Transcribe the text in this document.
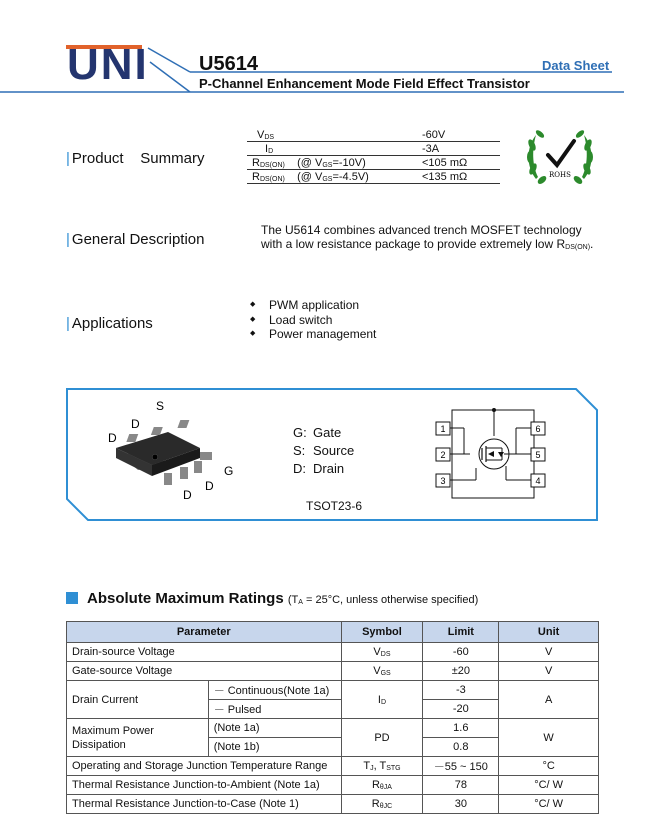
UNI	U5614
P-Channel Enhancement Mode Field Effect Transistor
Data Sheet
| Product    Summary
$V_{DS}$	-60V
$I_D$	-3A
$R_{DS(ON)}$ (@ $V_{GS}=-10V$)	<105 mΩ
$R_{DS(ON)}$ (@ $V_{GS}=-4.5V$)	<135 mΩ	ROHS
| General Description
The U5614 combines advanced trench MOSFET technology
with a low resistance package to provide extremely low $R_{DS(ON)}$.
| Applications
◆ PWM application
◆ Load switch
◆ Power management
S
D
D
G
D
D
1
2
3	4
5
6
G: Gate
S: Source
D: Drain
TSOT23-6
Absolute Maximum Ratings ($T_A = 25^\circ C$, unless otherwise specified)
Parameter		Symbol	Limit	Unit
Drain-source Voltage		$V_{DS}$	-60	V
Gate-source Voltage		$V_{GS}$	±20	V
Drain Current	－ Continuous(Note 1a)	$I_D$	-3	A
	－ Pulsed		-20	
Maximum Power Dissipation	(Note 1a)	PD	1.6	W
	(Note 1b)		0.8	
Operating and Storage Junction Temperature Range		$T_J$, $T_{STG}$	－55 ~ 150	°C
Thermal Resistance Junction-to-Ambient (Note 1a)		$R_{\theta JA}$	78	°C/ W
Thermal Resistance Junction-to-Case (Note 1)		$R_{\theta JC}$	30	°C/ W
